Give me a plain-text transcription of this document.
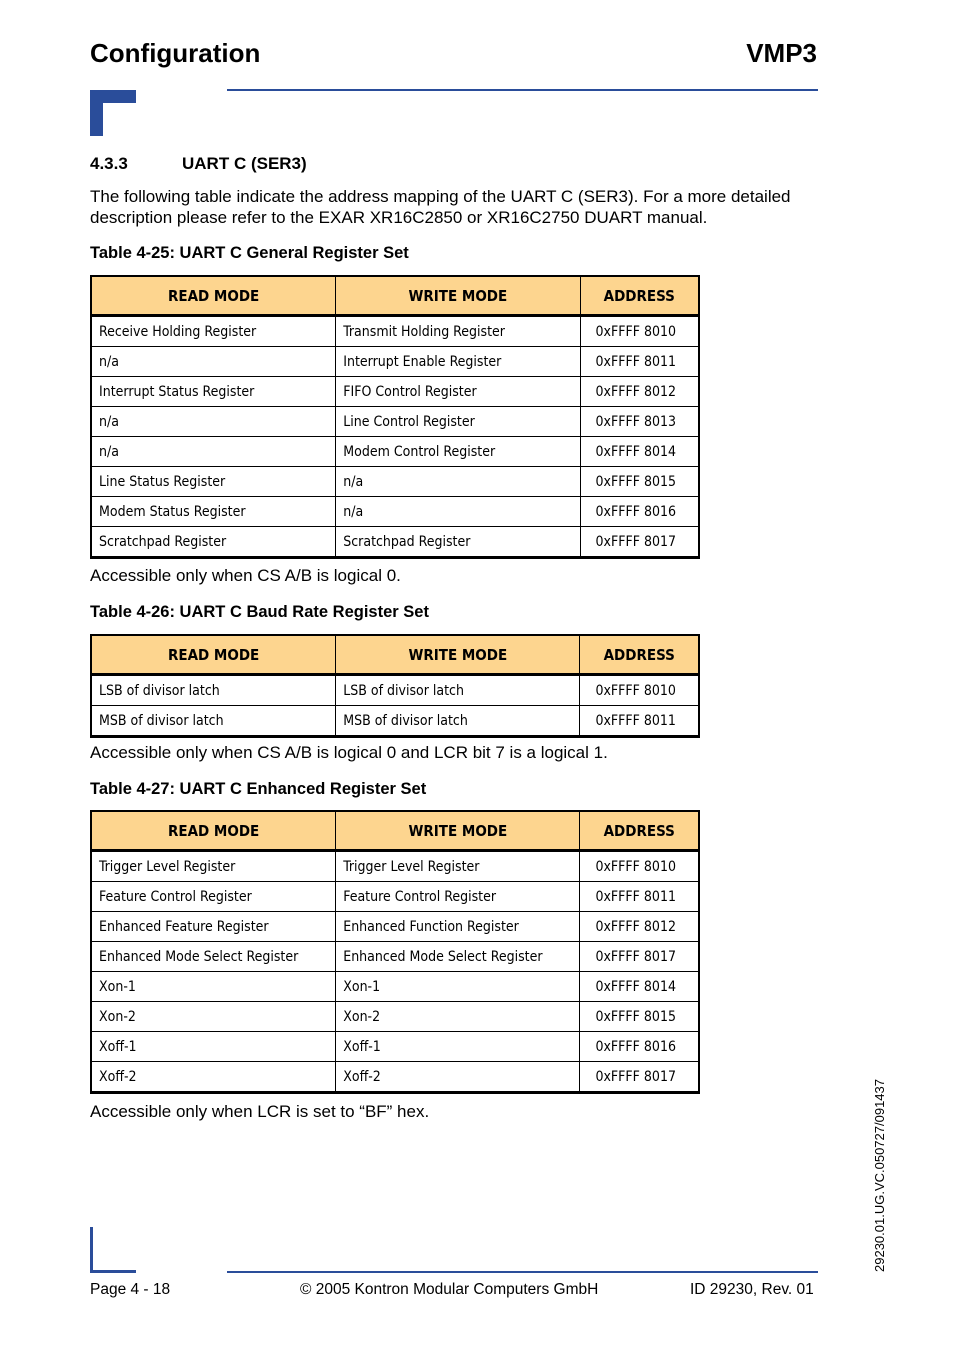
Configuration	VMP3
4.3.3	UART C (SER3)
The following table indicate the address mapping of the UART C (SER3). For a more detailed description please refer to the EXAR XR16C2850 or XR16C2750 DUART manual.
Table 4-25: UART C General Register Set
READ MODE	WRITE MODE	ADDRESS
Receive Holding Register	Transmit Holding Register	0xFFFF 8010
n/a	Interrupt Enable Register	0xFFFF 8011
Interrupt Status Register	FIFO Control Register	0xFFFF 8012
n/a	Line Control Register	0xFFFF 8013
n/a	Modem Control Register	0xFFFF 8014
Line Status Register	n/a	0xFFFF 8015
Modem Status Register	n/a	0xFFFF 8016
Scratchpad Register	Scratchpad Register	0xFFFF 8017
Accessible only when CS A/B is logical 0.
Table 4-26: UART C Baud Rate Register Set
READ MODE	WRITE MODE	ADDRESS
LSB of divisor latch	LSB of divisor latch	0xFFFF 8010
MSB of divisor latch	MSB of divisor latch	0xFFFF 8011
Accessible only when CS A/B is logical 0 and LCR bit 7 is a logical 1.
Table 4-27: UART C Enhanced Register Set
READ MODE	WRITE MODE	ADDRESS
Trigger Level Register	Trigger Level Register	0xFFFF 8010
Feature Control Register	Feature Control Register	0xFFFF 8011
Enhanced Feature Register	Enhanced Function Register	0xFFFF 8012
Enhanced Mode Select Register	Enhanced Mode Select Register	0xFFFF 8017
Xon-1	Xon-1	0xFFFF 8014
Xon-2	Xon-2	0xFFFF 8015
Xoff-1	Xoff-1	0xFFFF 8016
Xoff-2	Xoff-2	0xFFFF 8017
Accessible only when LCR is set to “BF” hex.
Page 4 - 18	© 2005 Kontron Modular Computers GmbH	ID 29230, Rev. 01
29230.01.UG.VC.050727/091437
